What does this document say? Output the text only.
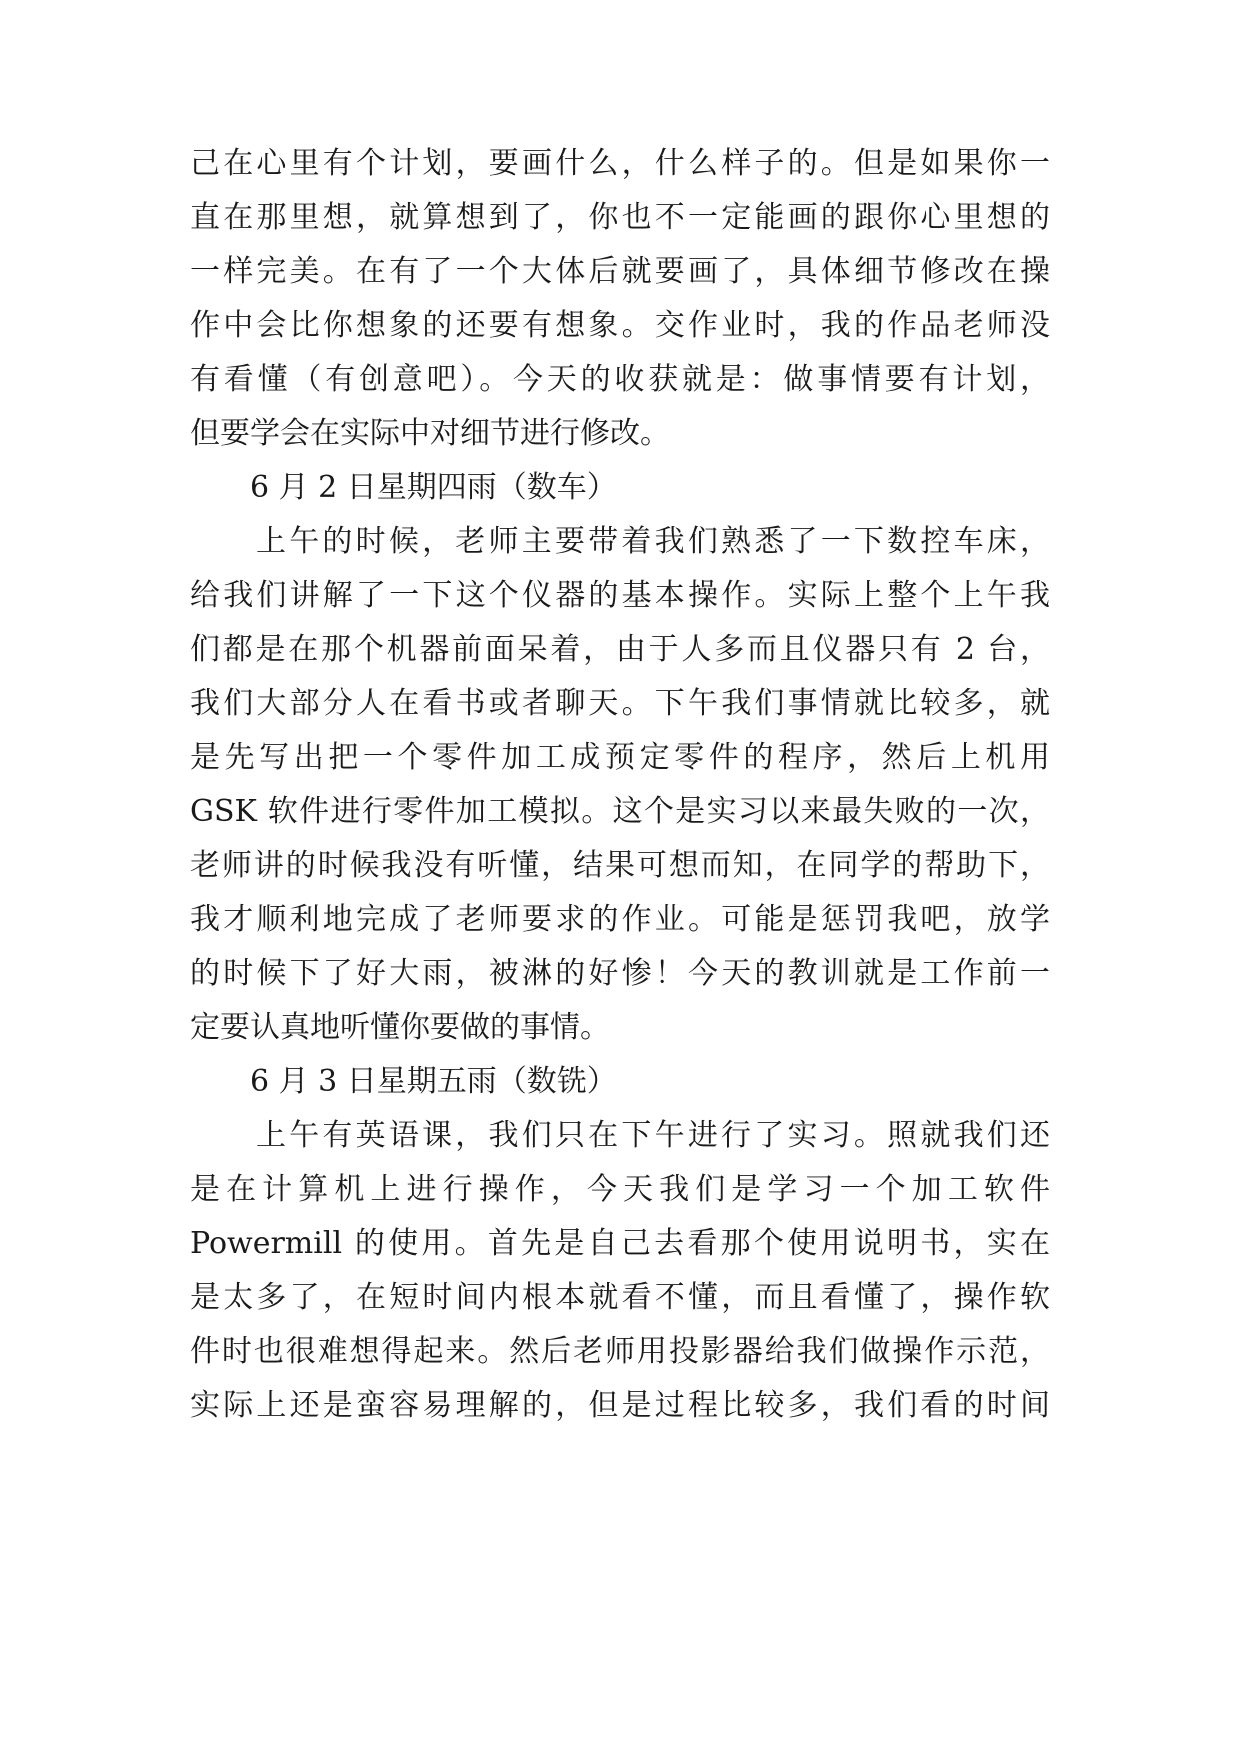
己在心里有个计划，要画什么，什么样子的。但是如果你一
直在那里想，就算想到了，你也不一定能画的跟你心里想的
一样完美。在有了一个大体后就要画了，具体细节修改在操
作中会比你想象的还要有想象。交作业时，我的作品老师没
有看懂（有创意吧）。今天的收获就是：做事情要有计划，
但要学会在实际中对细节进行修改。
6 月 2 日星期四雨（数车）
上午的时候，老师主要带着我们熟悉了一下数控车床，
给我们讲解了一下这个仪器的基本操作。实际上整个上午我
们都是在那个机器前面呆着，由于人多而且仪器只有 2 台，
我们大部分人在看书或者聊天。下午我们事情就比较多，就
是先写出把一个零件加工成预定零件的程序，然后上机用
GSK 软件进行零件加工模拟。这个是实习以来最失败的一次，
老师讲的时候我没有听懂，结果可想而知，在同学的帮助下，
我才顺利地完成了老师要求的作业。可能是惩罚我吧，放学
的时候下了好大雨，被淋的好惨！今天的教训就是工作前一
定要认真地听懂你要做的事情。
6 月 3 日星期五雨（数铣）
上午有英语课，我们只在下午进行了实习。照就我们还
是在计算机上进行操作，今天我们是学习一个加工软件
Powermill 的使用。首先是自己去看那个使用说明书，实在
是太多了，在短时间内根本就看不懂，而且看懂了，操作软
件时也很难想得起来。然后老师用投影器给我们做操作示范，
实际上还是蛮容易理解的，但是过程比较多，我们看的时间
